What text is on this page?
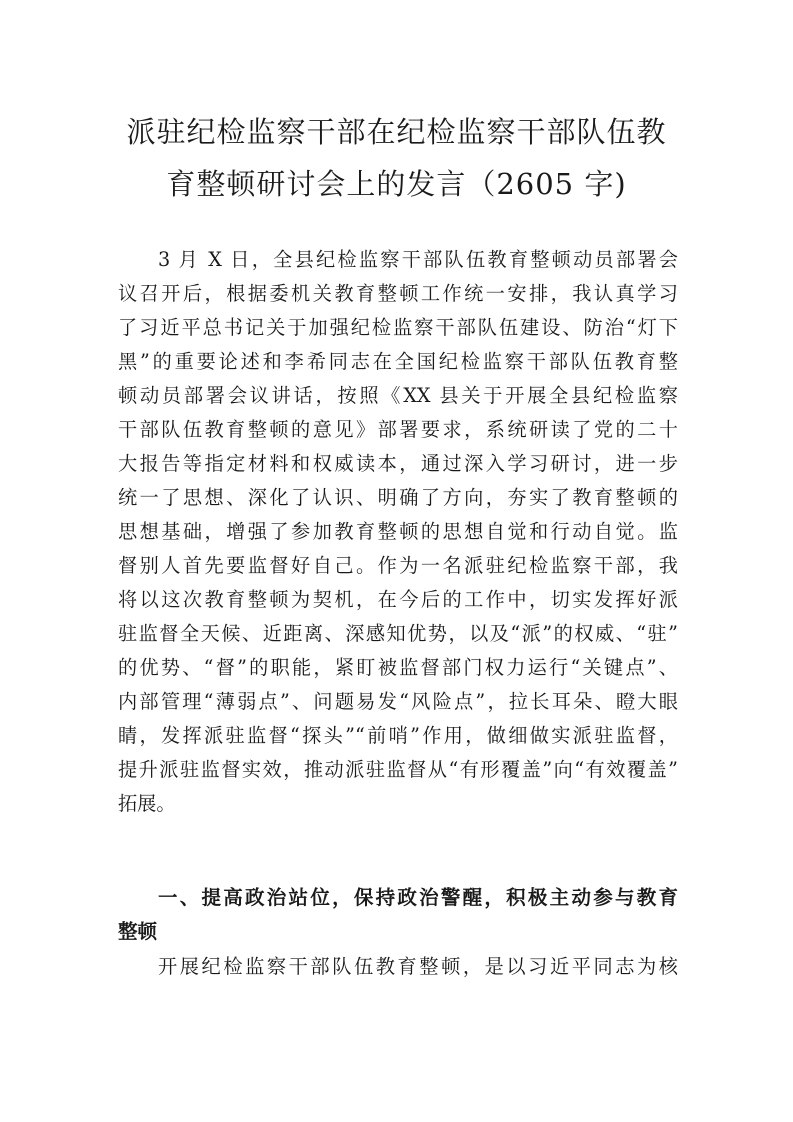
派驻纪检监察干部在纪检监察干部队伍教
育整顿研讨会上的发言（2605 字)
3 月 X 日，全县纪检监察干部队伍教育整顿动员部署会
议召开后，根据委机关教育整顿工作统一安排，我认真学习
了习近平总书记关于加强纪检监察干部队伍建设、防治“灯下
黑”的重要论述和李希同志在全国纪检监察干部队伍教育整
顿动员部署会议讲话，按照《XX 县关于开展全县纪检监察
干部队伍教育整顿的意见》部署要求，系统研读了党的二十
大报告等指定材料和权威读本，通过深入学习研讨，进一步
统一了思想、深化了认识、明确了方向，夯实了教育整顿的
思想基础，增强了参加教育整顿的思想自觉和行动自觉。监
督别人首先要监督好自己。作为一名派驻纪检监察干部，我
将以这次教育整顿为契机，在今后的工作中，切实发挥好派
驻监督全天候、近距离、深感知优势，以及“派”的权威、“驻”
的优势、“督”的职能，紧盯被监督部门权力运行“关键点”、
内部管理“薄弱点”、问题易发“风险点”，拉长耳朵、瞪大眼
睛，发挥派驻监督“探头”“前哨”作用，做细做实派驻监督，
提升派驻监督实效，推动派驻监督从“有形覆盖”向“有效覆盖”
拓展。
一、提高政治站位，保持政治警醒，积极主动参与教育
整顿
开展纪检监察干部队伍教育整顿，是以习近平同志为核
